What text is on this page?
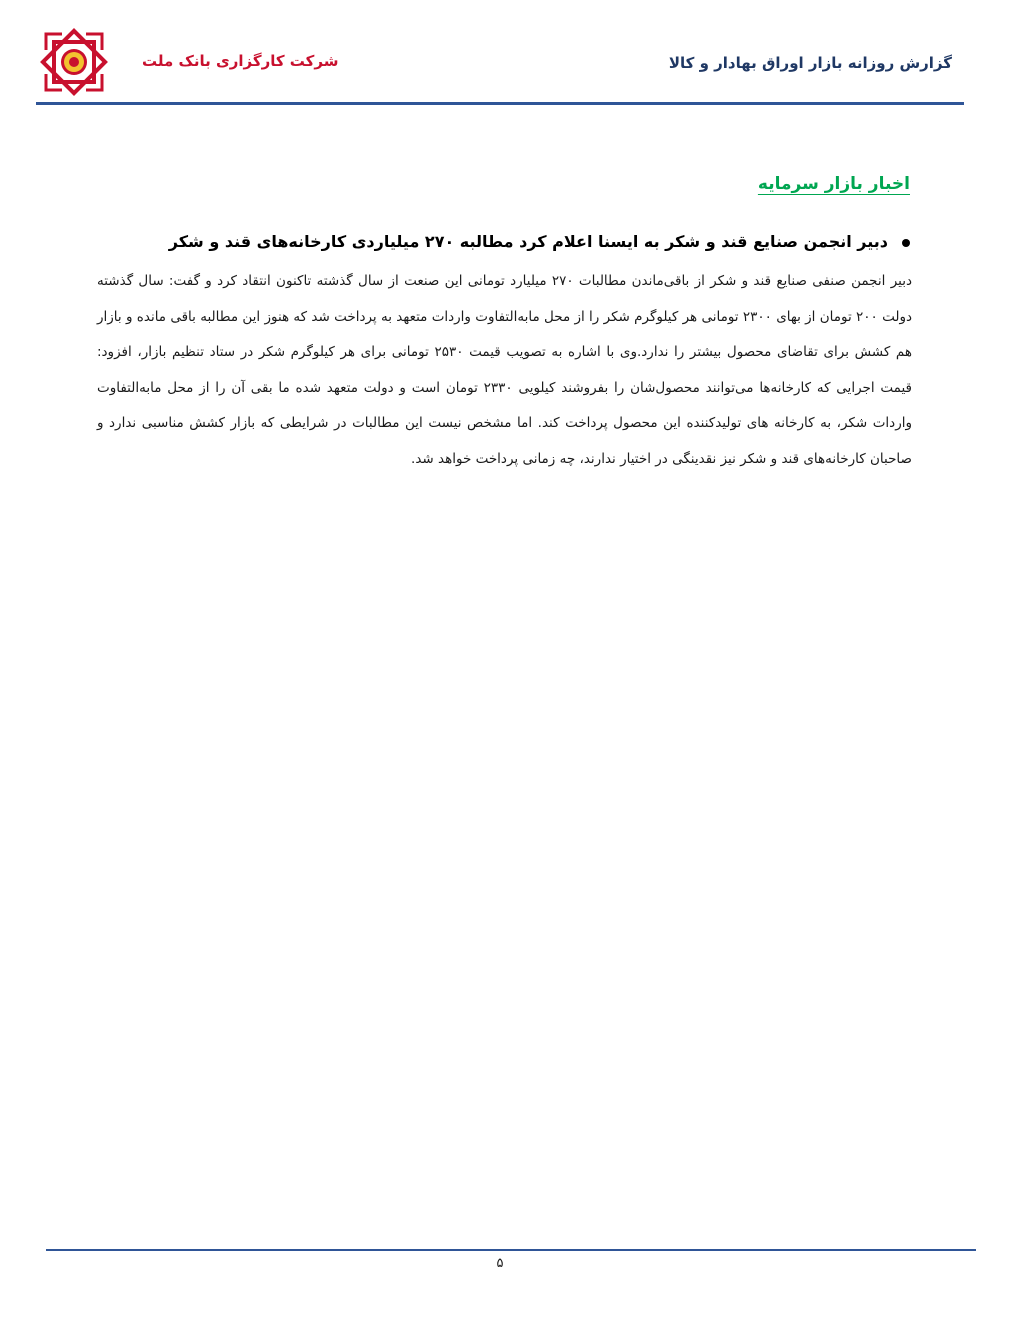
گزارش روزانه بازار اوراق بهادار و کالا
شرکت کارگزاری بانک ملت
اخبار بازار سرمایه
دبیر انجمن صنایع قند و شکر به ایسنا اعلام کرد مطالبه ۲۷۰ میلیاردی کارخانه‌های قند و شکر
دبیر انجمن صنفی صنایع قند و شکر از باقی‌ماندن مطالبات ۲۷۰ میلیارد تومانی این صنعت از سال گذشته تاکنون انتقاد کرد و گفت: سال گذشته دولت ۲۰۰ تومان از بهای ۲۳۰۰ تومانی هر کیلوگرم شکر را از محل مابه‌التفاوت واردات متعهد به پرداخت شد که هنوز این مطالبه باقی مانده و بازار هم کشش برای تقاضای محصول بیشتر را ندارد.وی با اشاره به تصویب قیمت ۲۵۳۰ تومانی برای هر کیلوگرم شکر در ستاد تنظیم بازار، افزود: قیمت اجرایی که کارخانه‌ها می‌توانند محصول‌شان را بفروشند کیلویی ۲۳۳۰ تومان است و دولت متعهد شده ما بقی آن را از محل مابه‌التفاوت واردات شکر، به کارخانه های تولیدکننده این محصول پرداخت کند. اما مشخص نیست این مطالبات در شرایطی که بازار کشش مناسبی ندارد و صاحبان کارخانه‌های قند و شکر نیز نقدینگی در اختیار ندارند، چه زمانی پرداخت خواهد شد.
۵
